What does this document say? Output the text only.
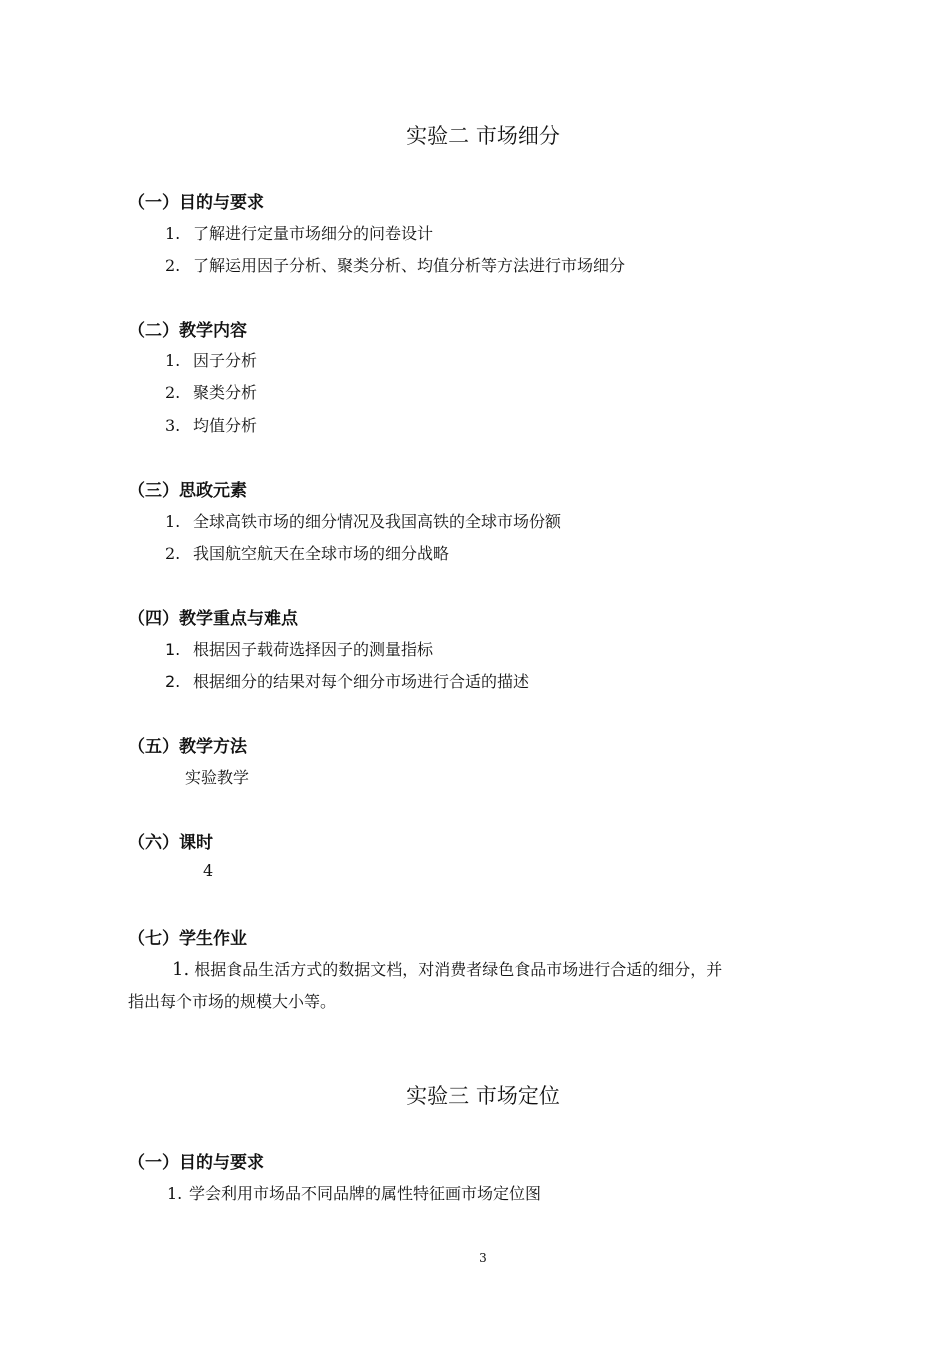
实验二 市场细分
（一）目的与要求
1. 了解进行定量市场细分的问卷设计
2. 了解运用因子分析、聚类分析、均值分析等方法进行市场细分
（二）教学内容
1. 因子分析
2. 聚类分析
3. 均值分析
（三）思政元素
1. 全球高铁市场的细分情况及我国高铁的全球市场份额
2. 我国航空航天在全球市场的细分战略
（四）教学重点与难点
1. 根据因子载荷选择因子的测量指标
2. 根据细分的结果对每个细分市场进行合适的描述
（五）教学方法
实验教学
（六）课时
4
（七）学生作业
1. 根据食品生活方式的数据文档，对消费者绿色食品市场进行合适的细分，并
指出每个市场的规模大小等。
实验三 市场定位
（一）目的与要求
1. 学会利用市场品不同品牌的属性特征画市场定位图
3
